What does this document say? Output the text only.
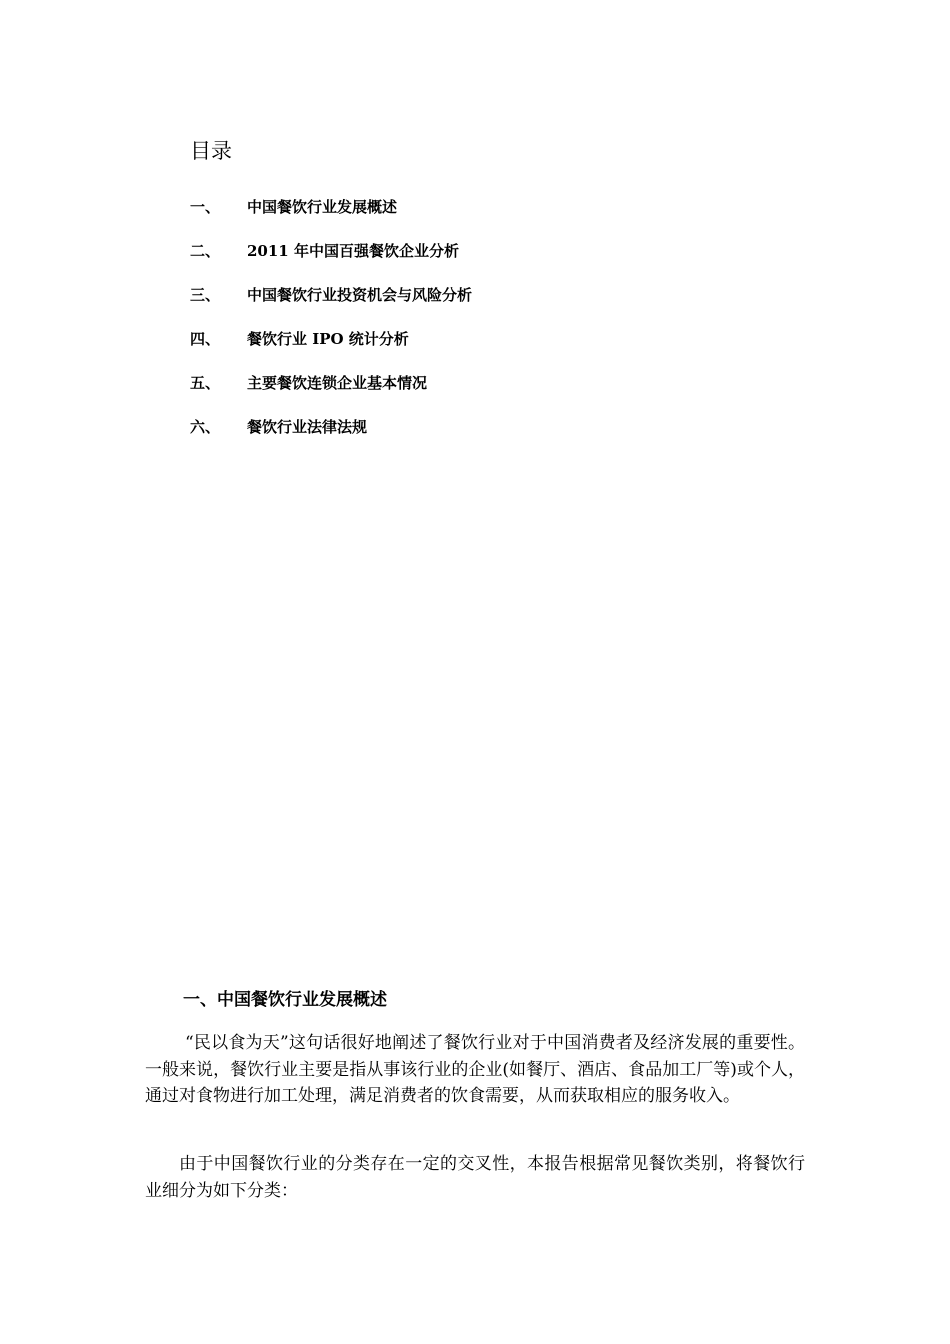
目录
一、	中国餐饮行业发展概述
二、	2011 年中国百强餐饮企业分析
三、	中国餐饮行业投资机会与风险分析
四、	餐饮行业 IPO 统计分析
五、	主要餐饮连锁企业基本情况
六、	餐饮行业法律法规
一、中国餐饮行业发展概述

“民以食为天”这句话很好地阐述了餐饮行业对于中国消费者及经济发展的重要性。一般来说，餐饮行业主要是指从事该行业的企业(如餐厅、酒店、食品加工厂等)或个人，通过对食物进行加工处理，满足消费者的饮食需要，从而获取相应的服务收入。

由于中国餐饮行业的分类存在一定的交叉性，本报告根据常见餐饮类别，将餐饮行业细分为如下分类：
